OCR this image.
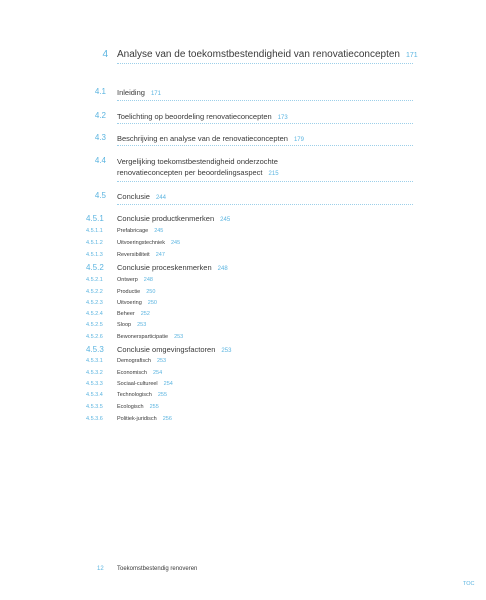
4 Analyse van de toekomstbestendigheid van renovatieconcepten 171
4.1 Inleiding 171
4.2 Toelichting op beoordeling renovatieconcepten 173
4.3 Beschrijving en analyse van de renovatieconcepten 179
4.4 Vergelijking toekomstbestendigheid onderzochte
renovatieconcepten per beoordelingsaspect 215
4.5 Conclusie 244
4.5.1 Conclusie productkenmerken 245
4.5.1.1	Prefabricage 245
4.5.1.2	Uitvoeringstechniek 245
4.5.1.3	Reversibiliteit 247
4.5.2 Conclusie proceskenmerken 248
4.5.2.1	Ontwerp 248
4.5.2.2	Productie 250
4.5.2.3	Uitvoering 250
4.5.2.4	Beheer 252
4.5.2.5	Sloop 253
4.5.2.6	Bewonersparticipatie 253
4.5.3 Conclusie omgevingsfactoren 253
4.5.3.1	Demografisch 253
4.5.3.2	Economisch 254
4.5.3.3	Sociaal-cultureel 254
4.5.3.4	Technologisch 255
4.5.3.5	Ecologisch 255
4.5.3.6	Politiek-juridisch 256
12 Toekomstbestendig renoveren
TOC
